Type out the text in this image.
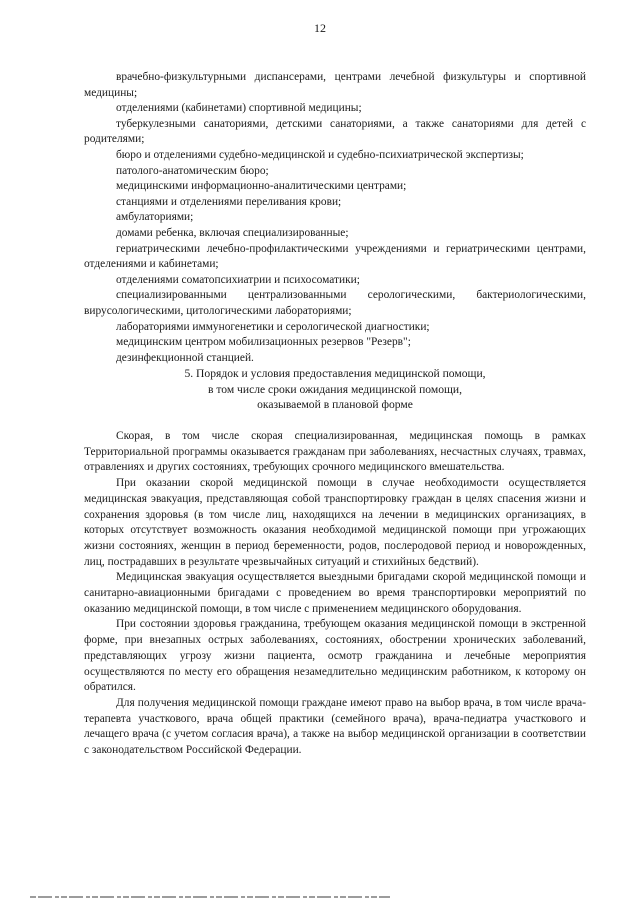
12
врачебно-физкультурными диспансерами, центрами лечебной физкультуры и спортивной медицины;
отделениями (кабинетами) спортивной медицины;
туберкулезными санаториями, детскими санаториями, а также санаториями для детей с родителями;
бюро и отделениями судебно-медицинской и судебно-психиатрической экспертизы;
патолого-анатомическим бюро;
медицинскими информационно-аналитическими центрами;
станциями и отделениями переливания крови;
амбулаториями;
домами ребенка, включая специализированные;
гериатрическими лечебно-профилактическими учреждениями и гериатрическими центрами, отделениями и кабинетами;
отделениями соматопсихиатрии и психосоматики;
специализированными централизованными серологическими, бактериологическими, вирусологическими, цитологическими лабораториями;
лабораториями иммуногенетики и серологической диагностики;
медицинским центром мобилизационных резервов "Резерв";
дезинфекционной станцией.
5. Порядок и условия предоставления медицинской помощи,
в том числе сроки ожидания медицинской помощи,
оказываемой в плановой форме

Скорая, в том числе скорая специализированная, медицинская помощь в рамках Территориальной программы оказывается гражданам при заболеваниях, несчастных случаях, травмах, отравлениях и других состояниях, требующих срочного медицинского вмешательства.

При оказании скорой медицинской помощи в случае необходимости осуществляется медицинская эвакуация, представляющая собой транспортировку граждан в целях спасения жизни и сохранения здоровья (в том числе лиц, находящихся на лечении в медицинских организациях, в которых отсутствует возможность оказания необходимой медицинской помощи при угрожающих жизни состояниях, женщин в период беременности, родов, послеродовой период и новорожденных, лиц, пострадавших в результате чрезвычайных ситуаций и стихийных бедствий).

Медицинская эвакуация осуществляется выездными бригадами скорой медицинской помощи и санитарно-авиационными бригадами с проведением во время транспортировки мероприятий по оказанию медицинской помощи, в том числе с применением медицинского оборудования.

При состоянии здоровья гражданина, требующем оказания медицинской помощи в экстренной форме, при внезапных острых заболеваниях, состояниях, обострении хронических заболеваний, представляющих угрозу жизни пациента, осмотр гражданина и лечебные мероприятия осуществляются по месту его обращения незамедлительно медицинским работником, к которому он обратился.

Для получения медицинской помощи граждане имеют право на выбор врача, в том числе врача-терапевта участкового, врача общей практики (семейного врача), врача-педиатра участкового и лечащего врача (с учетом согласия врача), а также на выбор медицинской организации в соответствии с законодательством Российской Федерации.
